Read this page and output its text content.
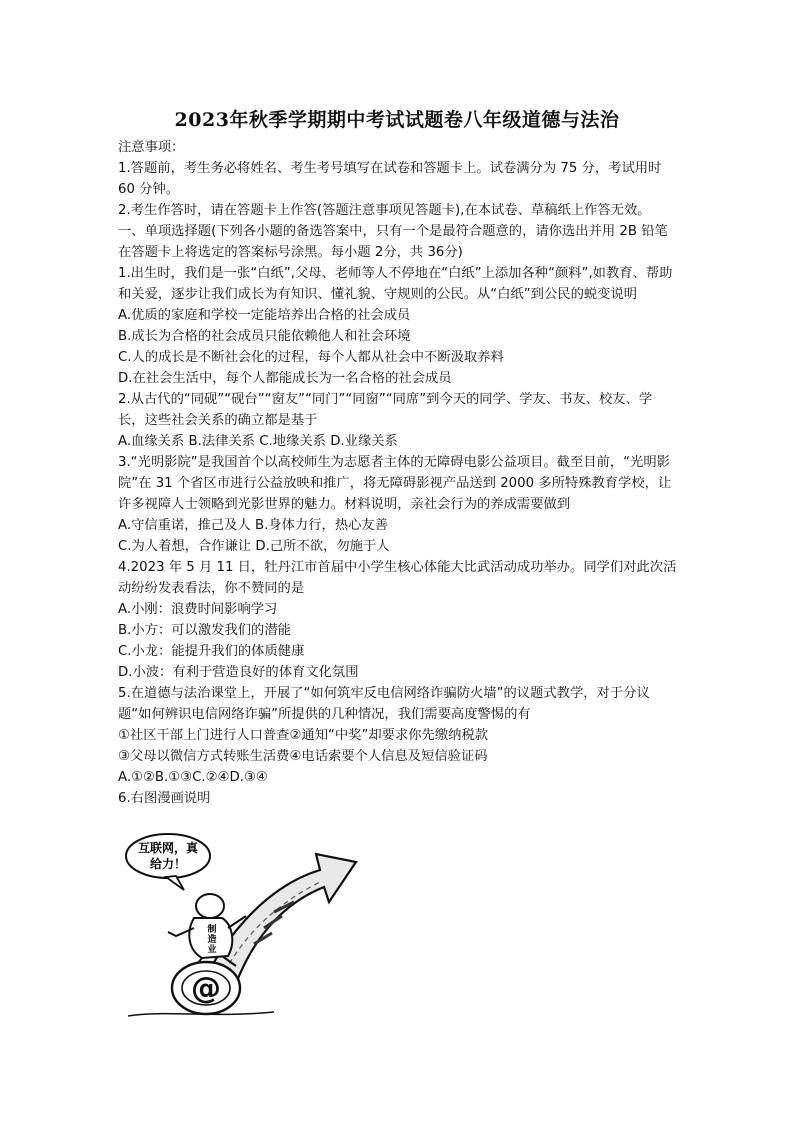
2023年秋季学期期中考试试题卷八年级道德与法治

注意事项：

1.答题前，考生务必将姓名、考生考号填写在试卷和答题卡上。试卷满分为 75 分，考试用时 60 分钟。

2.考生作答时，请在答题卡上作答(答题注意事项见答题卡),在本试卷、草稿纸上作答无效。

一、单项选择题(下列各小题的备选答案中，只有一个是最符合题意的，请你选出并用 2B 铅笔在答题卡上将选定的答案标号涂黑。每小题 2分，共 36分)

1.出生时，我们是一张“白纸”,父母、老师等人不停地在“白纸”上添加各种“颜料”,如教育、帮助和关爱，逐步让我们成长为有知识、懂礼貌、守规则的公民。从“白纸”到公民的蜕变说明

A.优质的家庭和学校一定能培养出合格的社会成员

B.成长为合格的社会成员只能依赖他人和社会环境

C.人的成长是不断社会化的过程，每个人都从社会中不断汲取养料

D.在社会生活中，每个人都能成长为一名合格的社会成员

2.从古代的“同砚”“砚台”“窗友”“同门”“同窗”“同席”到今天的同学、学友、书友、校友、学长，这些社会关系的确立都是基于

A.血缘关系 B.法律关系 C.地缘关系 D.业缘关系

3.“光明影院”是我国首个以高校师生为志愿者主体的无障碍电影公益项目。截至目前，“光明影院”在 31 个省区市进行公益放映和推广，将无障碍影视产品送到 2000 多所特殊教育学校，让许多视障人士领略到光影世界的魅力。材料说明，亲社会行为的养成需要做到

A.守信重诺，推己及人 B.身体力行，热心友善

C.为人着想，合作谦让 D.己所不欲，勿施于人

4.2023 年 5 月 11 日，牡丹江市首届中小学生核心体能大比武活动成功举办。同学们对此次活动纷纷发表看法，你不赞同的是

A.小刚：浪费时间影响学习

B.小方：可以激发我们的潜能

C.小龙：能提升我们的体质健康

D.小波：有利于营造良好的体育文化氛围

5.在道德与法治课堂上，开展了“如何筑牢反电信网络诈骗防火墙”的议题式教学，对于分议题“如何辨识电信网络诈骗”所提供的几种情况，我们需要高度警惕的有

①社区干部上门进行人口普查②通知“中奖”却要求你先缴纳税款

③父母以微信方式转账生活费④电话索要个人信息及短信验证码

A.①②B.①③C.②④D.③④

6.右图漫画说明

互联网，真
给力！
制
造
业
@
